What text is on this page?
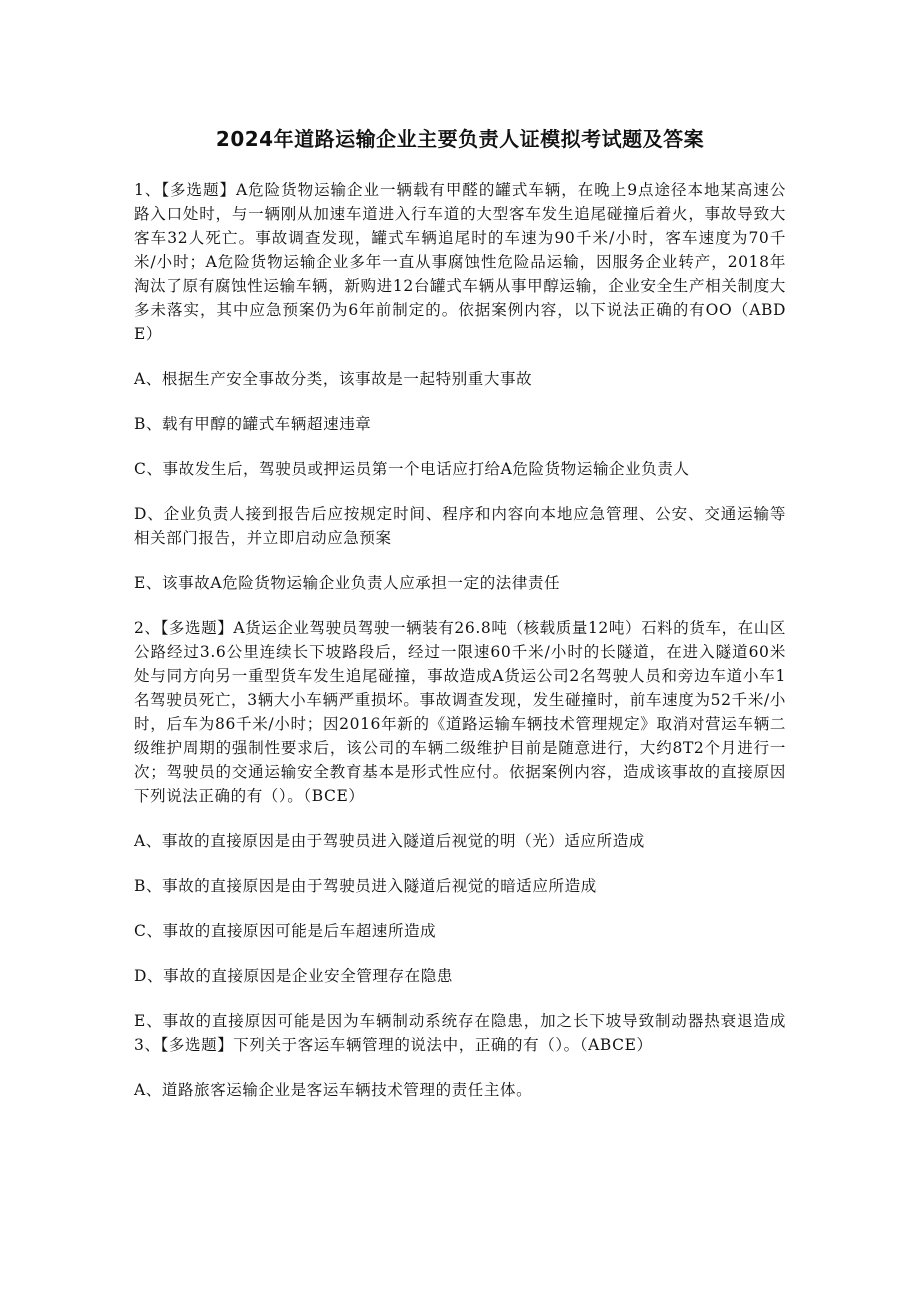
2024年道路运输企业主要负责人证模拟考试题及答案

1、【多选题】A危险货物运输企业一辆载有甲醛的罐式车辆，在晚上9点途径本地某高速公路入口处时，与一辆刚从加速车道进入行车道的大型客车发生追尾碰撞后着火，事故导致大客车32人死亡。事故调查发现，罐式车辆追尾时的车速为90千米/小时，客车速度为70千米/小时；A危险货物运输企业多年一直从事腐蚀性危险品运输，因服务企业转产，2018年淘汰了原有腐蚀性运输车辆，新购进12台罐式车辆从事甲醇运输，企业安全生产相关制度大多未落实，其中应急预案仍为6年前制定的。依据案例内容，以下说法正确的有OO（ABDE）

A、根据生产安全事故分类，该事故是一起特别重大事故

B、载有甲醇的罐式车辆超速违章

C、事故发生后，驾驶员或押运员第一个电话应打给A危险货物运输企业负责人

D、企业负责人接到报告后应按规定时间、程序和内容向本地应急管理、公安、交通运输等相关部门报告，并立即启动应急预案

E、该事故A危险货物运输企业负责人应承担一定的法律责任

2、【多选题】A货运企业驾驶员驾驶一辆装有26.8吨（核载质量12吨）石料的货车，在山区公路经过3.6公里连续长下坡路段后，经过一限速60千米/小时的长隧道，在进入隧道60米处与同方向另一重型货车发生追尾碰撞，事故造成A货运公司2名驾驶人员和旁边车道小车1名驾驶员死亡，3辆大小车辆严重损坏。事故调查发现，发生碰撞时，前车速度为52千米/小时，后车为86千米/小时；因2016年新的《道路运输车辆技术管理规定》取消对营运车辆二级维护周期的强制性要求后，该公司的车辆二级维护目前是随意进行，大约8T2个月进行一次；驾驶员的交通运输安全教育基本是形式性应付。依据案例内容，造成该事故的直接原因下列说法正确的有（）。（BCE）

A、事故的直接原因是由于驾驶员进入隧道后视觉的明（光）适应所造成

B、事故的直接原因是由于驾驶员进入隧道后视觉的暗适应所造成

C、事故的直接原因可能是后车超速所造成

D、事故的直接原因是企业安全管理存在隐患

E、事故的直接原因可能是因为车辆制动系统存在隐患，加之长下坡导致制动器热衰退造成3、【多选题】下列关于客运车辆管理的说法中，正确的有（）。（ABCE）

A、道路旅客运输企业是客运车辆技术管理的责任主体。
